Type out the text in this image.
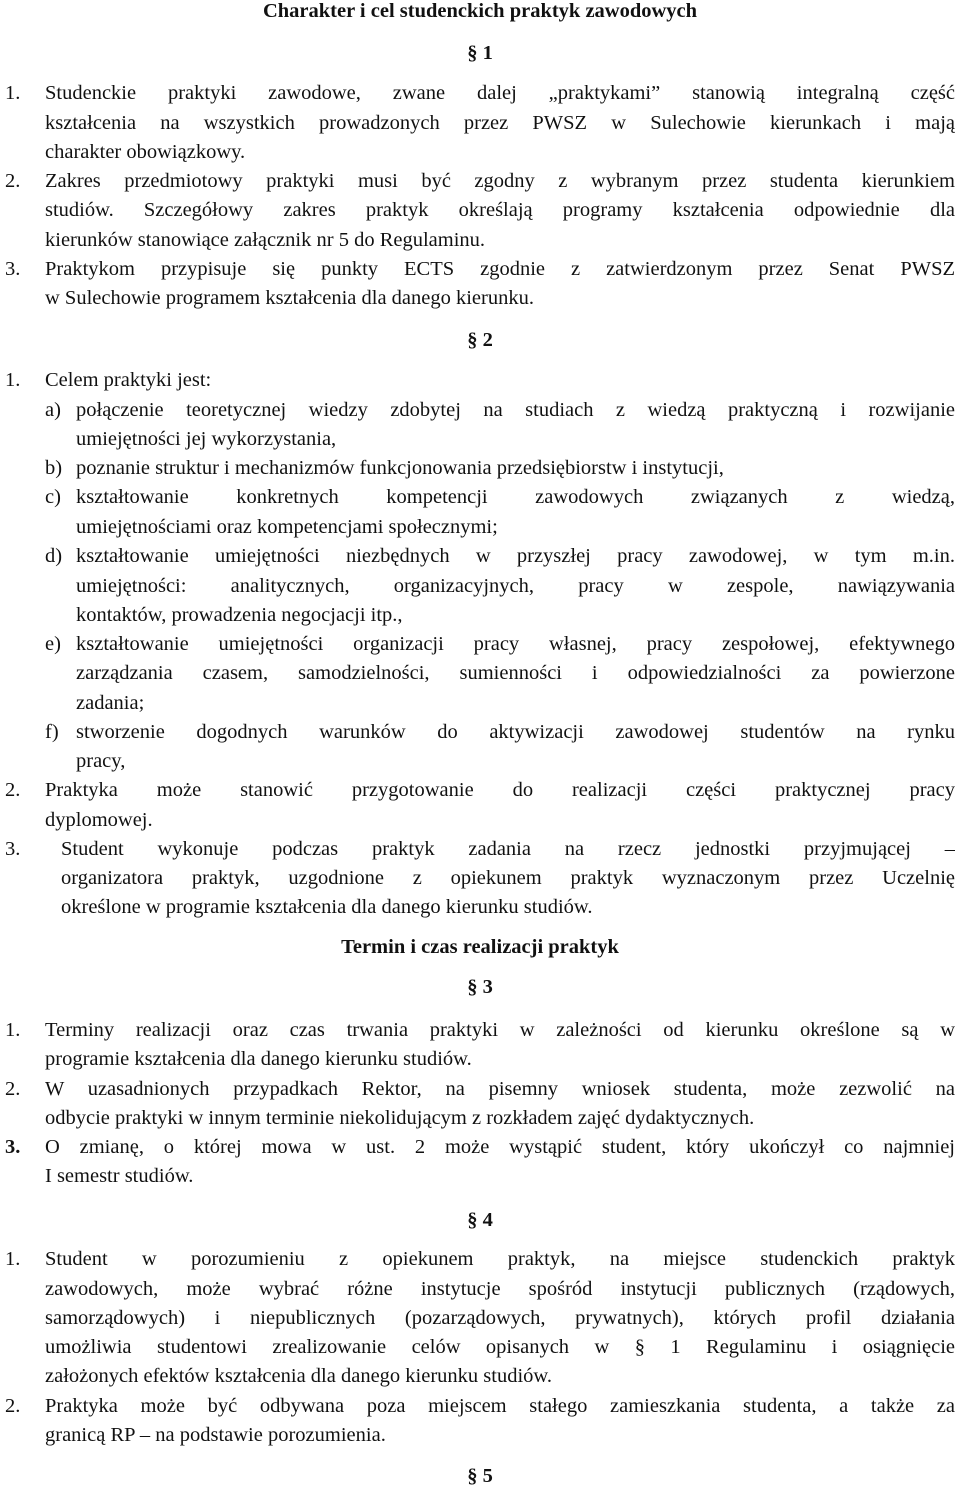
Charakter i cel studenckich praktyk zawodowych
§ 1
1. Studenckie praktyki zawodowe, zwane dalej „praktykami” stanowią integralną część
kształcenia na wszystkich prowadzonych przez PWSZ w Sulechowie kierunkach i mają
charakter obowiązkowy.
2. Zakres przedmiotowy praktyki musi być zgodny z wybranym przez studenta kierunkiem
studiów. Szczegółowy zakres praktyk określają programy kształcenia odpowiednie dla
kierunków stanowiące załącznik nr 5 do Regulaminu.
3. Praktykom przypisuje się punkty ECTS zgodnie z zatwierdzonym przez Senat PWSZ
w Sulechowie programem kształcenia dla danego kierunku.
§ 2
1. Celem praktyki jest:
a) połączenie teoretycznej wiedzy zdobytej na studiach z wiedzą praktyczną i rozwijanie
umiejętności jej wykorzystania,
b) poznanie struktur i mechanizmów funkcjonowania przedsiębiorstw i instytucji,
c) kształtowanie konkretnych kompetencji zawodowych związanych z wiedzą,
umiejętnościami oraz kompetencjami społecznymi;
d) kształtowanie umiejętności niezbędnych w przyszłej pracy zawodowej, w tym m.in.
umiejętności: analitycznych, organizacyjnych, pracy w zespole, nawiązywania
kontaktów, prowadzenia negocjacji itp.,
e) kształtowanie umiejętności organizacji pracy własnej, pracy zespołowej, efektywnego
zarządzania czasem, samodzielności, sumienności i odpowiedzialności za powierzone
zadania;
f) stworzenie dogodnych warunków do aktywizacji zawodowej studentów na rynku
pracy,
2. Praktyka może stanowić przygotowanie do realizacji części praktycznej pracy
dyplomowej.
3. Student wykonuje podczas praktyk zadania na rzecz jednostki przyjmującej –
organizatora praktyk, uzgodnione z opiekunem praktyk wyznaczonym przez Uczelnię
określone w programie kształcenia dla danego kierunku studiów.
Termin i czas realizacji praktyk
§ 3
1. Terminy realizacji oraz czas trwania praktyki w zależności od kierunku określone są w
programie kształcenia dla danego kierunku studiów.
2. W uzasadnionych przypadkach Rektor, na pisemny wniosek studenta, może zezwolić na
odbycie praktyki w innym terminie niekolidującym z rozkładem zajęć dydaktycznych.
3. O zmianę, o której mowa w ust. 2 może wystąpić student, który ukończył co najmniej
I semestr studiów.
§ 4
1. Student w porozumieniu z opiekunem praktyk, na miejsce studenckich praktyk
zawodowych, może wybrać różne instytucje spośród instytucji publicznych (rządowych,
samorządowych) i niepublicznych (pozarządowych, prywatnych), których profil działania
umożliwia studentowi zrealizowanie celów opisanych w § 1 Regulaminu i osiągnięcie
założonych efektów kształcenia dla danego kierunku studiów.
2. Praktyka może być odbywana poza miejscem stałego zamieszkania studenta, a także za
granicą RP – na podstawie porozumienia.
§ 5
